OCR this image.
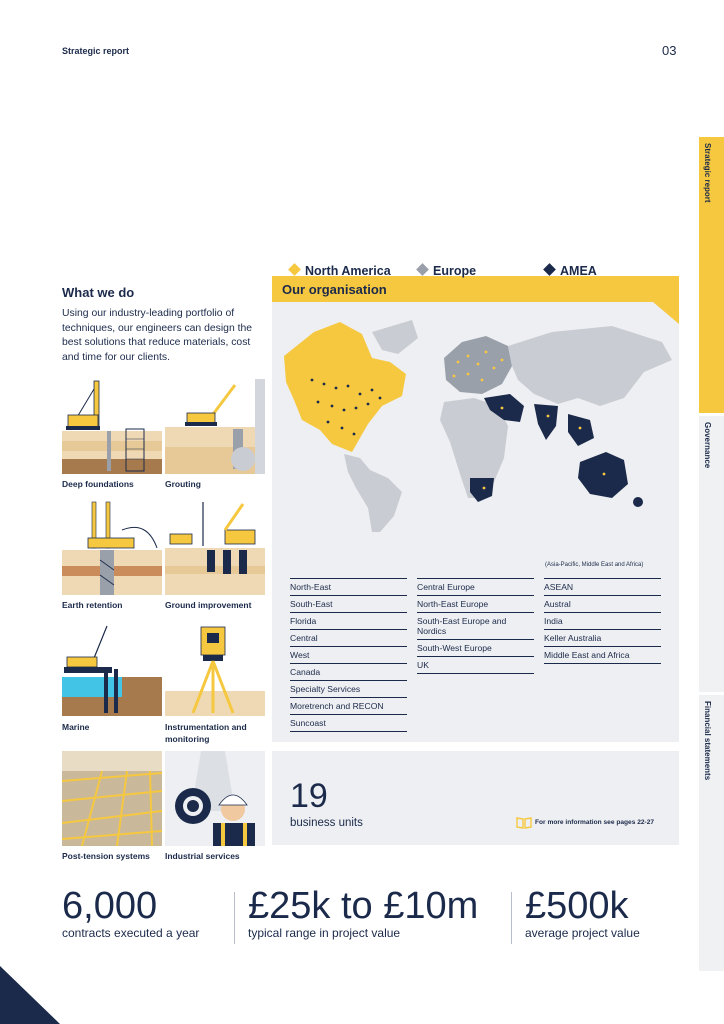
Strategic report	03
Strategic report
Governance
Financial statements
What we do
Using our industry-leading portfolio of techniques, our engineers can design the best solutions that reduce materials, cost and time for our clients.
Deep foundations	Grouting
Earth retention	Ground improvement
Marine	Instrumentation and monitoring
Post-tension systems Industrial services
Our organisation
North America	Europe	AMEA
(Asia-Pacific, Middle East and Africa)
North-East
South-East
Florida
Central
West
Canada
Specialty Services
Moretrench and RECON
Suncoast
Central Europe
North-East Europe
South-East Europe and Nordics
South-West Europe
UK
ASEAN
Austral
India
Keller Australia
Middle East and Africa
19
business units	For more information see pages 22-27
6,000
contracts executed a year
£25k to £10m
typical range in project value
£500k
average project value
